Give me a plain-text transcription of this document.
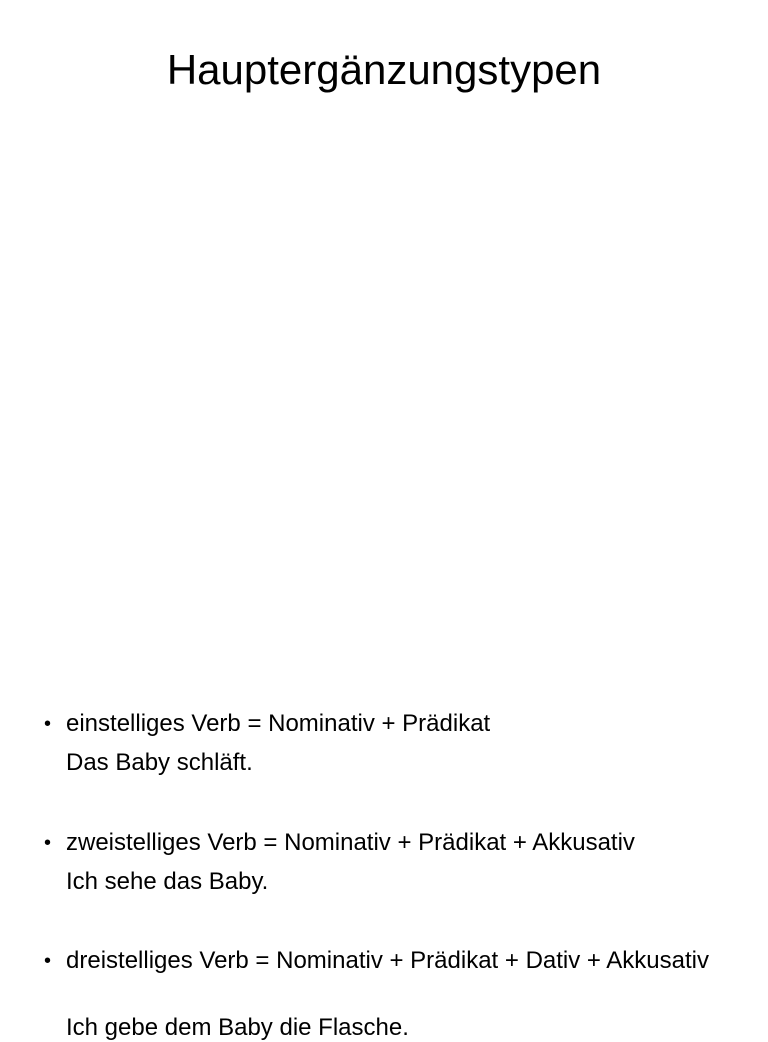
Hauptergänzungstypen
• einstelliges Verb = Nominativ + Prädikat
Das Baby schläft.
• zweistelliges Verb = Nominativ + Prädikat + Akkusativ
Ich sehe das Baby.
• dreistelliges Verb = Nominativ + Prädikat + Dativ + Akkusativ
Ich gebe dem Baby die Flasche.
